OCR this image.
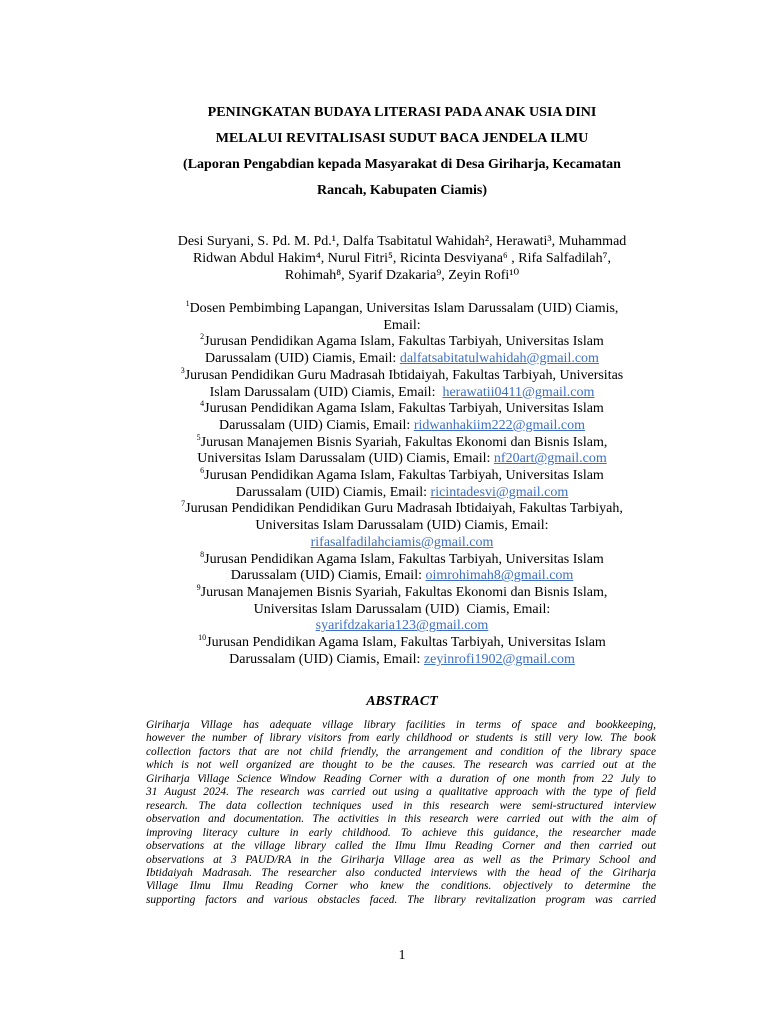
PENINGKATAN BUDAYA LITERASI PADA ANAK USIA DINI
MELALUI REVITALISASI SUDUT BACA JENDELA ILMU
(Laporan Pengabdian kepada Masyarakat di Desa Giriharja, Kecamatan
Rancah, Kabupaten Ciamis)
Desi Suryani, S. Pd. M. Pd.¹, Dalfa Tsabitatul Wahidah², Herawati³, Muhammad
Ridwan Abdul Hakim⁴, Nurul Fitri⁵, Ricinta Desviyana⁶ , Rifa Salfadilah⁷,
Rohimah⁸, Syarif Dzakaria⁹, Zeyin Rofi¹⁰
$^1$Dosen Pembimbing Lapangan, Universitas Islam Darussalam (UID) Ciamis,
Email:
$^2$Jurusan Pendidikan Agama Islam, Fakultas Tarbiyah, Universitas Islam
Darussalam (UID) Ciamis, Email: dalfatsabitatulwahidah@gmail.com
$^3$Jurusan Pendidikan Guru Madrasah Ibtidaiyah, Fakultas Tarbiyah, Universitas
Islam Darussalam (UID) Ciamis, Email:  herawatii0411@gmail.com
$^4$Jurusan Pendidikan Agama Islam, Fakultas Tarbiyah, Universitas Islam
Darussalam (UID) Ciamis, Email: ridwanhakiim222@gmail.com
$^5$Jurusan Manajemen Bisnis Syariah, Fakultas Ekonomi dan Bisnis Islam,
Universitas Islam Darussalam (UID) Ciamis, Email: nf20art@gmail.com
$^6$Jurusan Pendidikan Agama Islam, Fakultas Tarbiyah, Universitas Islam
Darussalam (UID) Ciamis, Email: ricintadesvi@gmail.com
$^7$Jurusan Pendidikan Pendidikan Guru Madrasah Ibtidaiyah, Fakultas Tarbiyah,
Universitas Islam Darussalam (UID) Ciamis, Email:
rifasalfadilahciamis@gmail.com
$^8$Jurusan Pendidikan Agama Islam, Fakultas Tarbiyah, Universitas Islam
Darussalam (UID) Ciamis, Email: oimrohimah8@gmail.com
$^9$Jurusan Manajemen Bisnis Syariah, Fakultas Ekonomi dan Bisnis Islam,
Universitas Islam Darussalam (UID)  Ciamis, Email:
syarifdzakaria123@gmail.com
$^{10}$Jurusan Pendidikan Agama Islam, Fakultas Tarbiyah, Universitas Islam
Darussalam (UID) Ciamis, Email: zeyinrofi1902@gmail.com
ABSTRACT
Giriharja Village has adequate village library facilities in terms of space and bookkeeping,
however the number of library visitors from early childhood or students is still very low. The book
collection factors that are not child friendly, the arrangement and condition of the library space
which is not well organized are thought to be the causes. The research was carried out at the
Giriharja Village Science Window Reading Corner with a duration of one month from 22 July to
31 August 2024. The research was carried out using a qualitative approach with the type of field
research. The data collection techniques used in this research were semi-structured interview
observation and documentation. The activities in this research were carried out with the aim of
improving literacy culture in early childhood. To achieve this guidance, the researcher made
observations at the village library called the Ilmu Ilmu Reading Corner and then carried out
observations at 3 PAUD/RA in the Giriharja Village area as well as the Primary School and
Ibtidaiyah Madrasah. The researcher also conducted interviews with the head of the Giriharja
Village Ilmu Ilmu Reading Corner who knew the conditions. objectively to determine the
supporting factors and various obstacles faced. The library revitalization program was carried
1
